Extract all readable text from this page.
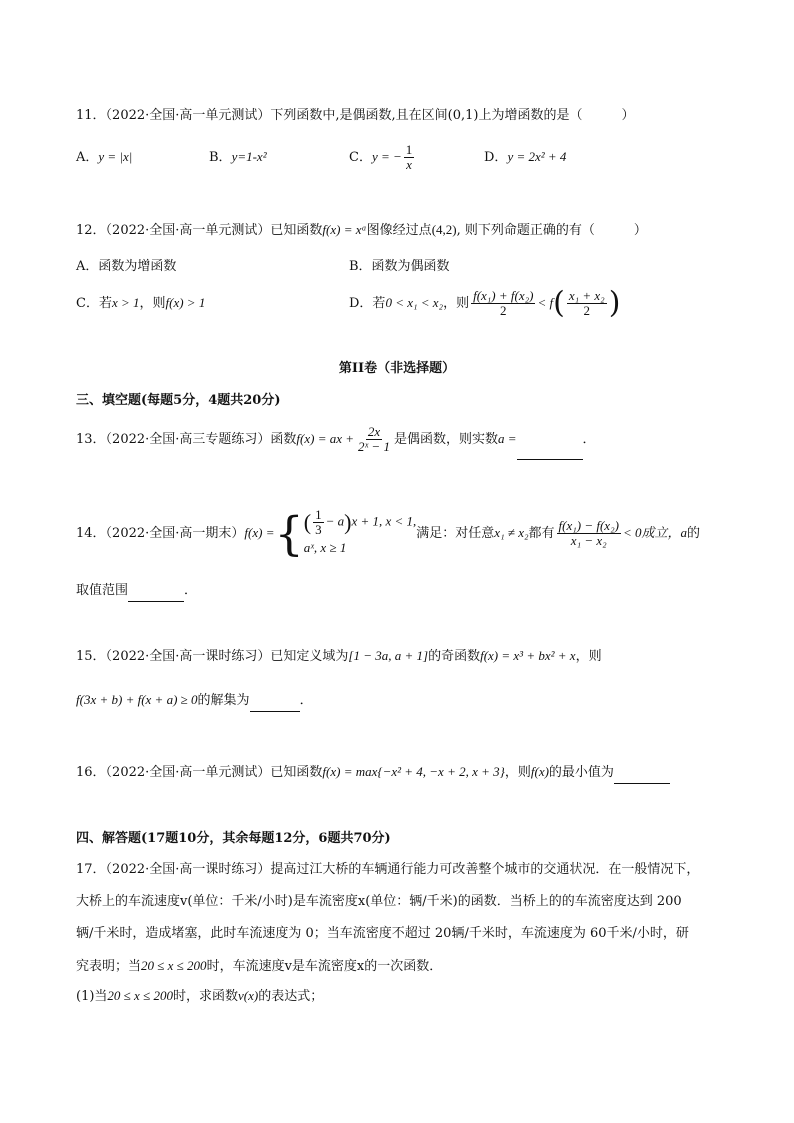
11．（2022·全国·高一单元测试）下列函数中,是偶函数,且在区间(0,1)上为增函数的是（　　　）
A．y = |x|	B．y=1-x²	C．y = − $\frac{1}{x}$	D．y = 2x² + 4
12．（2022·全国·高一单元测试）已知函数f(x) = xᵅ图像经过点(4,2), 则下列命题正确的有（　　　）
A．函数为增函数	B．函数为偶函数
C．若x > 1，则f(x) > 1	D．若0 < x₁ < x₂，则 $\frac{\text{f(x₁) + f(x₂)}}{2} < f( \frac{\text{x₁ + x₂}}{2}$ )
第II卷（非选择题）
三、填空题(每题5分，4题共20分)
13．（2022·全国·高三专题练习）函数f(x) = ax + $\frac{2x}{\text{2ˣ − 1}}$ 是偶函数，则实数a =	．
14．（2022·全国·高一期末）f(x) ={ ( $\frac{1}{3} - a)x + 1$, x < 1,
aˣ, x ≥ 1
满足：对任意x₁ ≠ x₂都有 $\frac{\text{f(x₁) − f(x₂)}}{\text{x₁ − x₂}} < 0$成立，a的
取值范围	．
15．（2022·全国·高一课时练习）已知定义域为[1 − 3a, a + 1]的奇函数f(x) = x³ + bx² + x，则
f(3x + b) + f(x + a) ≥ 0的解集为	．
16．（2022·全国·高一单元测试）已知函数f(x) = max{−x² + 4, −x + 2, x + 3}，则f(x)的最小值为
四、解答题(17题10分，其余每题12分，6题共70分)
17．（2022·全国·高一课时练习）提高过江大桥的车辆通行能力可改善整个城市的交通状况．在一般情况下，
大桥上的车流速度v(单位：千米/小时)是车流密度x(单位：辆/千米)的函数．当桥上的的车流密度达到 200
辆/千米时，造成堵塞，此时车流速度为 0；当车流密度不超过 20辆/千米时，车流速度为 60千米/小时，研
究表明；当20 ≤ x ≤ 200时，车流速度v是车流密度x的一次函数．
(1)当20 ≤ x ≤ 200时，求函数v(x)的表达式；
